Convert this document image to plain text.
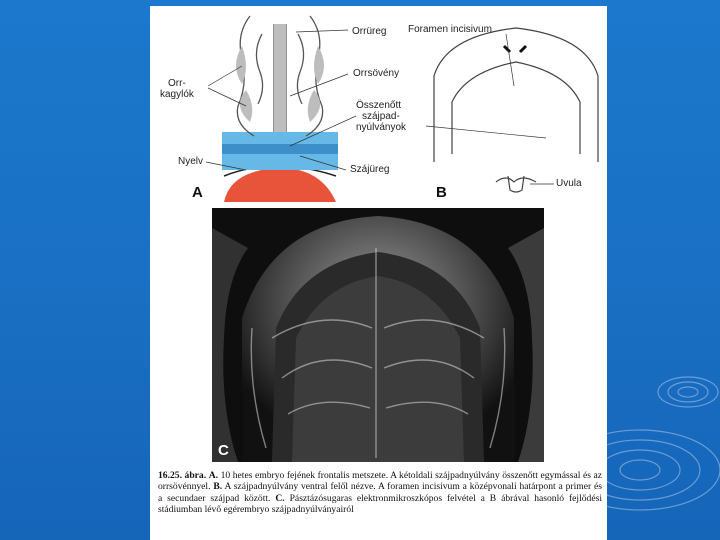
Orrüreg
Orr-
kagylók
Orrsövény
Összenőtt
szájpad-
nyúlványok
Nyelv
Szájüreg
A
Foramen incisivum
Uvula
B
C
16.25. ábra. A. 10 hetes embryo fejének frontalis metszete. A kétoldali szájpadnyúlvány összenőtt egymással és az orrsövénnyel. B. A szájpadnyúlvány ventral felől nézve. A foramen incisivum a középvonali határpont a primer és a secundaer szájpad között. C. Pásztázósugaras elektronmikroszkópos felvétel a B ábrával hasonló fejlődési stádiumban lévő egérembryo szájpadnyúlványairól
